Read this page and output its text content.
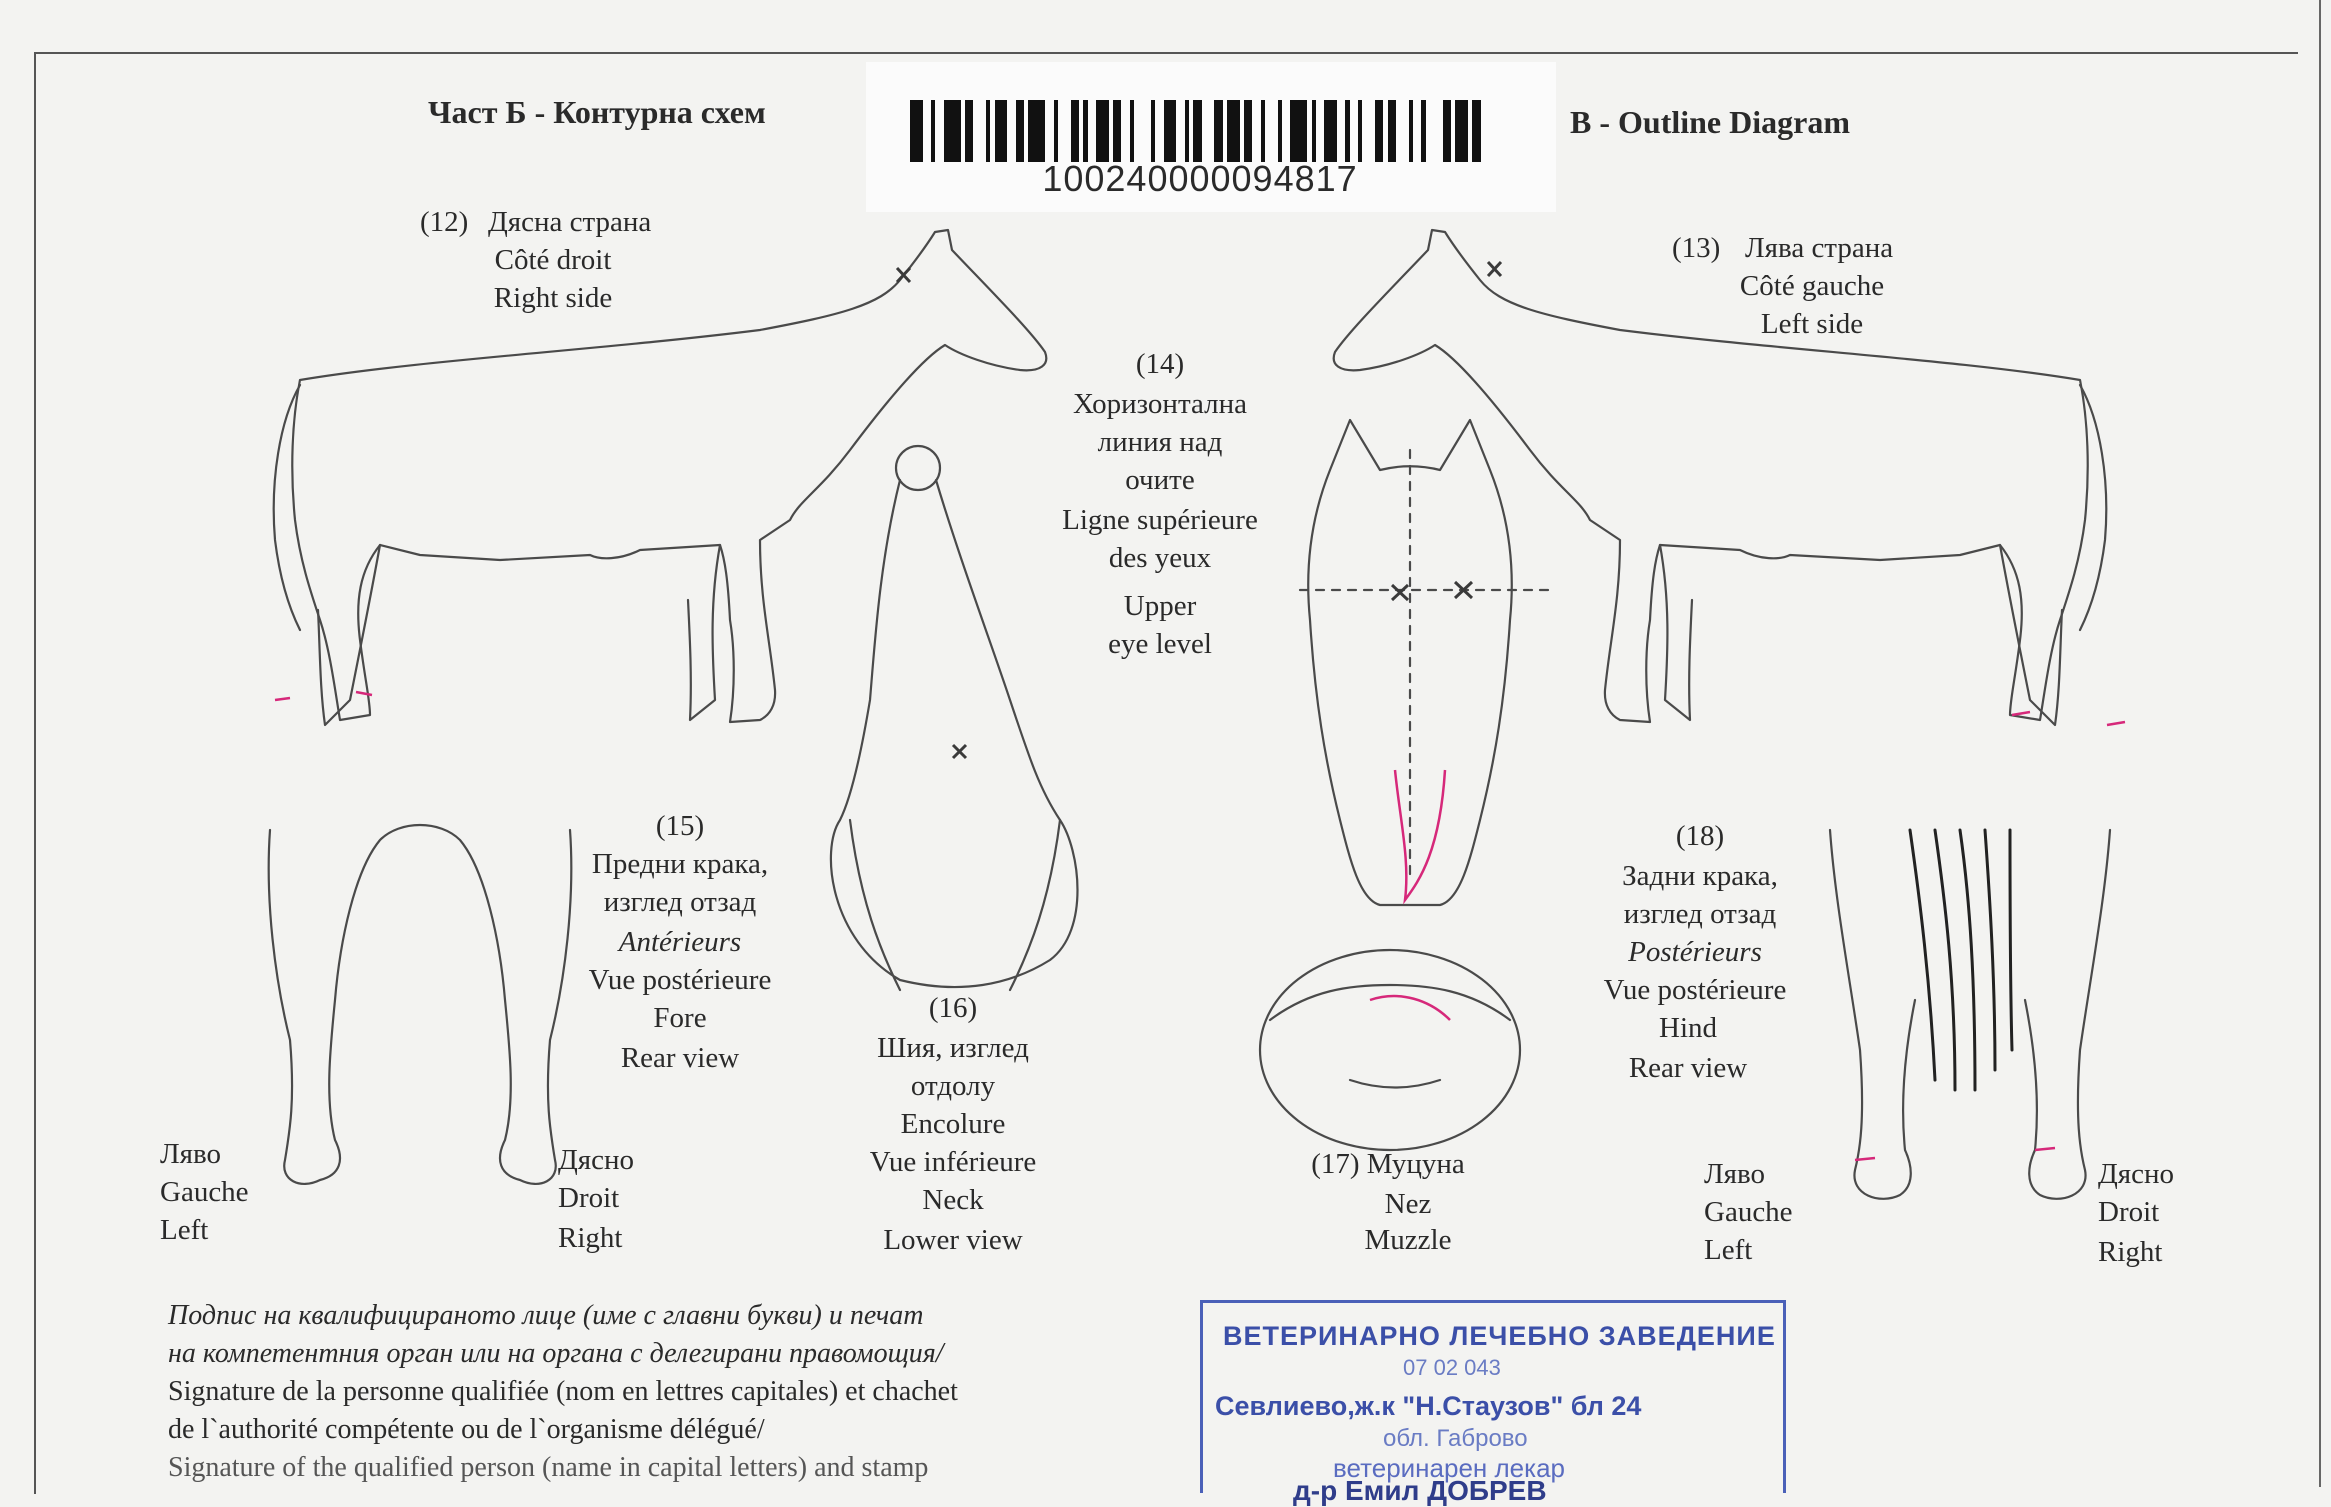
Част Б - Контурна схем
10024000009481​7
B - Outline Diagram
(12) Дясна страна
Côté droit
Right side
(13) Лява страна
Côté gauche
Left side
(14)
Хоризонтална
линия над
очите
Ligne supérieure
des yeux
Upper
eye level
(15)
Предни крака,
изглед отзад
Antérieurs
Vue postérieure
Fore
Rear view
Ляво
Gauche
Left
Дясно
Droit
Right
(16)
Шия, изглед
отдолу
Encolure
Vue inférieure
Neck
Lower view
(17) Муцуна
Nez
Muzzle
(18)
Задни крака,
изглед отзад
Postérieurs
Vue postérieure
Hind
Rear view
Ляво
Gauche
Left
Дясно
Droit
Right
Подпис на квалифицираното лице (име с главни букви) и печат
на компетентния орган или на органа с делегирани правомощия/
Signature de la personne qualifiée (nom en lettres capitales) et chachet
de l`authorité compétente ou de l`organisme délégué/
Signature of the qualified person (name in capital letters) and stamp
ВЕТЕРИНАРНО ЛЕЧЕБНО ЗАВЕДЕНИЕ
07 02 043
Севлиево,ж.к "Н.Стаузов" бл 24
обл. Габрово
ветеринарен лекар
д-р Емил ДОБРЕВ
